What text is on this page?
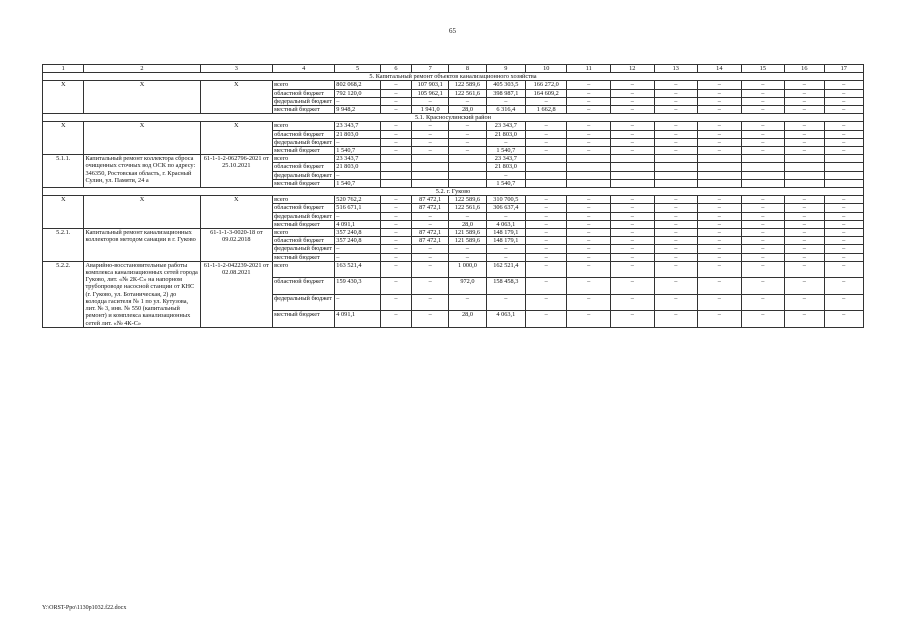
65
1	2	3	4	5	6	7	8	9	10	11	12	13	14	15	16	17
5. Капитальный ремонт объектов канализационного хозяйства																
Х	Х	Х	всего	802 068,2	–	107 903,1	122 589,6	405 303,5	166 272,0	–	–	–	–	–	–	–
			областной бюджет	792 120,0	–	105 962,1	122 561,6	398 987,1	164 609,2	–	–	–	–	–	–	–
			федеральный бюджет	–	–	–	–	–	–	–	–	–	–	–	–	–
			местный бюджет	9 948,2	–	1 941,0	28,0	6 316,4	1 662,8	–	–	–	–	–	–	–
5.1. Красносулинский район																
Х	Х	Х	всего	23 343,7	–	–	–	23 343,7	–	–	–	–	–	–	–	–
			областной бюджет	21 803,0	–	–	–	21 803,0	–	–	–	–	–	–	–	–
			федеральный бюджет	–	–	–	–	–	–	–	–	–	–	–	–	–
			местный бюджет	1 540,7	–	–	–	1 540,7	–	–	–	–	–	–	–	–
5.1.1.	Капитальный ремонт коллектора сброса очищенных сточных вод ОСК по адресу: 346350, Ростовская область, г. Красный Сулин, ул. Памяти, 24 а	61-1-1-2-062796-2021 от 25.10.2021	всего	23 343,7				23 343,7								
			областной бюджет	21 803,0				21 803,0								
			федеральный бюджет	–				–								
			местный бюджет	1 540,7				1 540,7								
5.2. г. Гуково																
Х	Х	Х	всего	520 762,2	–	87 472,1	122 589,6	310 700,5	–	–	–	–	–	–	–	–
			областной бюджет	516 671,1	–	87 472,1	122 561,6	306 637,4	–	–	–	–	–	–	–	–
			федеральный бюджет	–	–	–	–	–	–	–	–	–	–	–	–	–
			местный бюджет	4 091,1	–	–	28,0	4 063,1	–	–	–	–	–	–	–	–
5.2.1.	Капитальный ремонт канализационных коллекторов методом санации в г. Гуково	61-1-1-3-0020-18 от 09.02.2018	всего	357 240,8	–	87 472,1	121 589,6	148 179,1	–	–	–	–	–	–	–	–
			областной бюджет	357 240,8	–	87 472,1	121 589,6	148 179,1	–	–	–	–	–	–	–	–
			федеральный бюджет	–	–	–	–	–	–	–	–	–	–	–	–	–
			местный бюджет	–	–	–	–	–	–	–	–	–	–	–	–	–
5.2.2.	Аварийно-восстановительные работы комплекса канализационных сетей города Гуково, лит. «№ 2К-С» на напорном трубопроводе насосной станции от КНС (г. Гуково, ул. Ботаническая, 2) до колодца гасителя № 1 по ул. Кутузова, лит. № 3, инв. № 550 (капитальный ремонт) и комплекса канализационных сетей лит. «№ 4К-С»	61-1-1-2-042239-2021 от 02.08.2021	всего	163 521,4	–	–	1 000,0	162 521,4	–	–	–	–	–	–	–	–
			областной бюджет	159 430,3	–	–	972,0	158 458,3	–	–	–	–	–	–	–	–
			федеральный бюджет	–	–	–	–	–	–	–	–	–	–	–	–	–
			местный бюджет	4 091,1	–	–	28,0	4 063,1	–	–	–	–	–	–	–	–
Y:\ORST-Ppo\1130p1032.f22.docx
